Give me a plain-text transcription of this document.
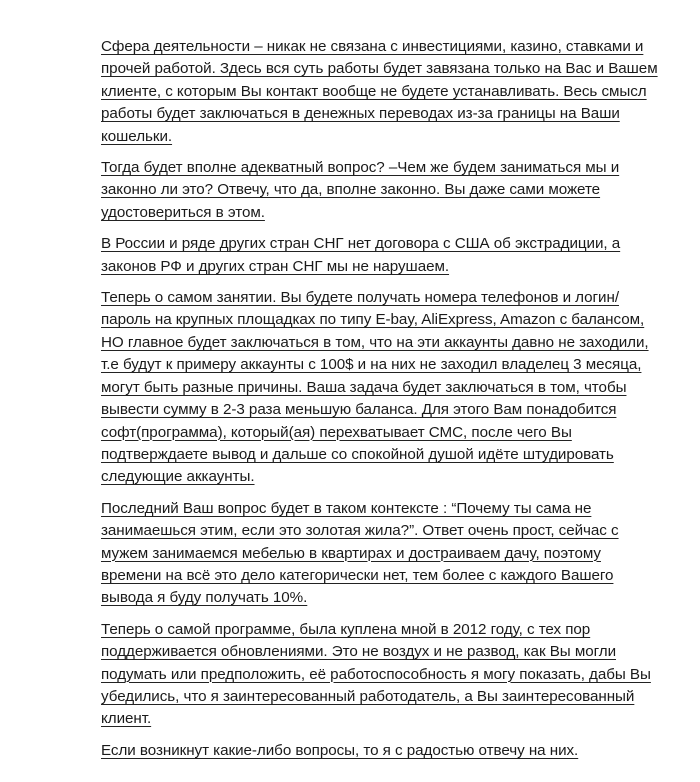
Сфера деятельности – никак не связана с инвестициями, казино, ставками и прочей работой. Здесь вся суть работы будет завязана только на Вас и Вашем клиенте, с которым Вы контакт вообще не будете устанавливать. Весь смысл работы будет заключаться в денежных переводах из-за границы на Ваши кошельки.

Тогда будет вполне адекватный вопрос? –Чем же будем заниматься мы и законно ли это? Отвечу, что да, вполне законно. Вы даже сами можете удостовериться в этом.

В России и ряде других стран СНГ нет договора с США об экстрадиции, а законов РФ и других стран СНГ мы не нарушаем.

Теперь о самом занятии. Вы будете получать номера телефонов и логин/пароль на крупных площадках по типу E-bay, AliExpress, Amazon с балансом, НО главное будет заключаться в том, что на эти аккаунты давно не заходили, т.е будут к примеру аккаунты с 100$ и на них не заходил владелец 3 месяца, могут быть разные причины. Ваша задача будет заключаться в том, чтобы вывести сумму в 2-3 раза меньшую баланса. Для этого Вам понадобится софт(программа), который(ая) перехватывает СМС, после чего Вы подтверждаете вывод и дальше со спокойной душой идёте штудировать следующие аккаунты.

Последний Ваш вопрос будет в таком контексте : “Почему ты сама не занимаешься этим, если это золотая жила?”. Ответ очень прост, сейчас с мужем занимаемся мебелью в квартирах и достраиваем дачу, поэтому времени на всё это дело категорически нет, тем более с каждого Вашего вывода я буду получать 10%.

Теперь о самой программе, была куплена мной в 2012 году, с тех пор поддерживается обновлениями. Это не воздух и не развод, как Вы могли подумать или предположить, её работоспособность я могу показать, дабы Вы убедились, что я заинтересованный работодатель, а Вы заинтересованный клиент.

Если возникнут какие-либо вопросы, то я с радостью отвечу на них.
